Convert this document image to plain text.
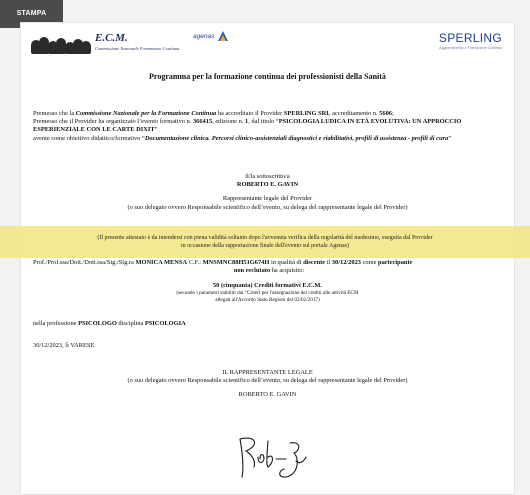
STAMPA
E.C.M.
Commissione Nazionale Formazione Continua
agenas	SPERLING
Aggiornamento e Formazione Continua
Programma per la formazione continua dei professionisti della Sanità
Premesso che la Commissione Nazionale per la Formazione Continua ha accreditato il Provider SPERLING SRL accreditamento n. 5606;
Premesso che il Provider ha organizzato l’evento formativo n. 366415, edizione n. 1, dal titolo “PSICOLOGIA LUDICA IN ETÀ EVOLUTIVA: UN APPROCCIO ESPERIENZIALE CON LE CARTE DIXIT”
avente come obiettivo didattico/formativo “Documentazione clinica. Percorsi clinico-assistenziali diagnostici e riabilitativi, profili di assistenza - profili di cura”
il/la sottoscritto/a
ROBERTO E. GAVIN
Rappresentante legale del Provider
(o suo delegato ovvero Responsabile scientifico dell’evento, su delega del rappresentante legale del Provider)
Prof./Prof.ssa/Dott./Dott.ssa/Sig./Sig.ra MONICA MENSA C.F.: MNSMNC88H51G674H in qualità di discente il 30/12/2023 come partecipante
non reclutato ha acquisito:
50 (cinquanta) Crediti formativi E.C.M.
(secondo i parametri stabiliti dai "Criteri per l'assegnazione dei crediti alle attività ECM
allegati all'Accordo Stato Regioni del 02/02/2017)
nella professione PSICOLOGO disciplina PSICOLOGIA
30/12/2023, lì VARESE
IL RAPPRESENTANTE LEGALE
(o suo delegato ovvero Responsabile scientifico dell’evento, su delega del rappresentante legale del Provider)
ROBERTO E. GAVIN
(Il presente attestato è da intendersi con piena validità soltanto dopo l'avvenuta verifica della regolarità del medesimo, eseguita dal Provider
in occasione della rapportazione finale dell'evento sul portale Agenas)
